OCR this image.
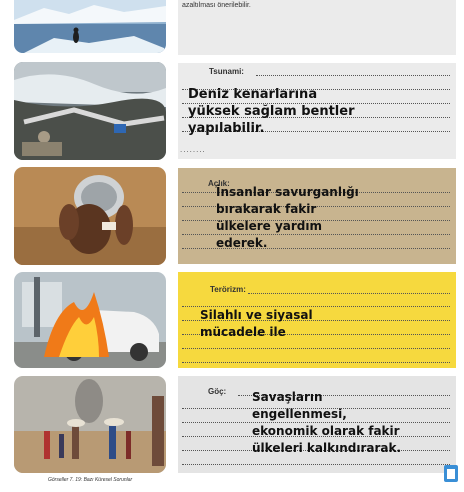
azaltılması önerilebilir.
Tsunami:
Deniz kenarlarına
yüksek sağlam bentler
yapılabilir.
........
Açlık:
İnsanlar savurganlığı
bırakarak fakir
ülkelere yardım
ederek.
Terörizm:
Silahlı ve siyasal
mücadele ile
Göç: Savaşların
engellenmesi,
ekonomik olarak fakir
ülkeleri kalkındırarak.
Görseller 7. 19: Bazı Küresel Sorunlar
